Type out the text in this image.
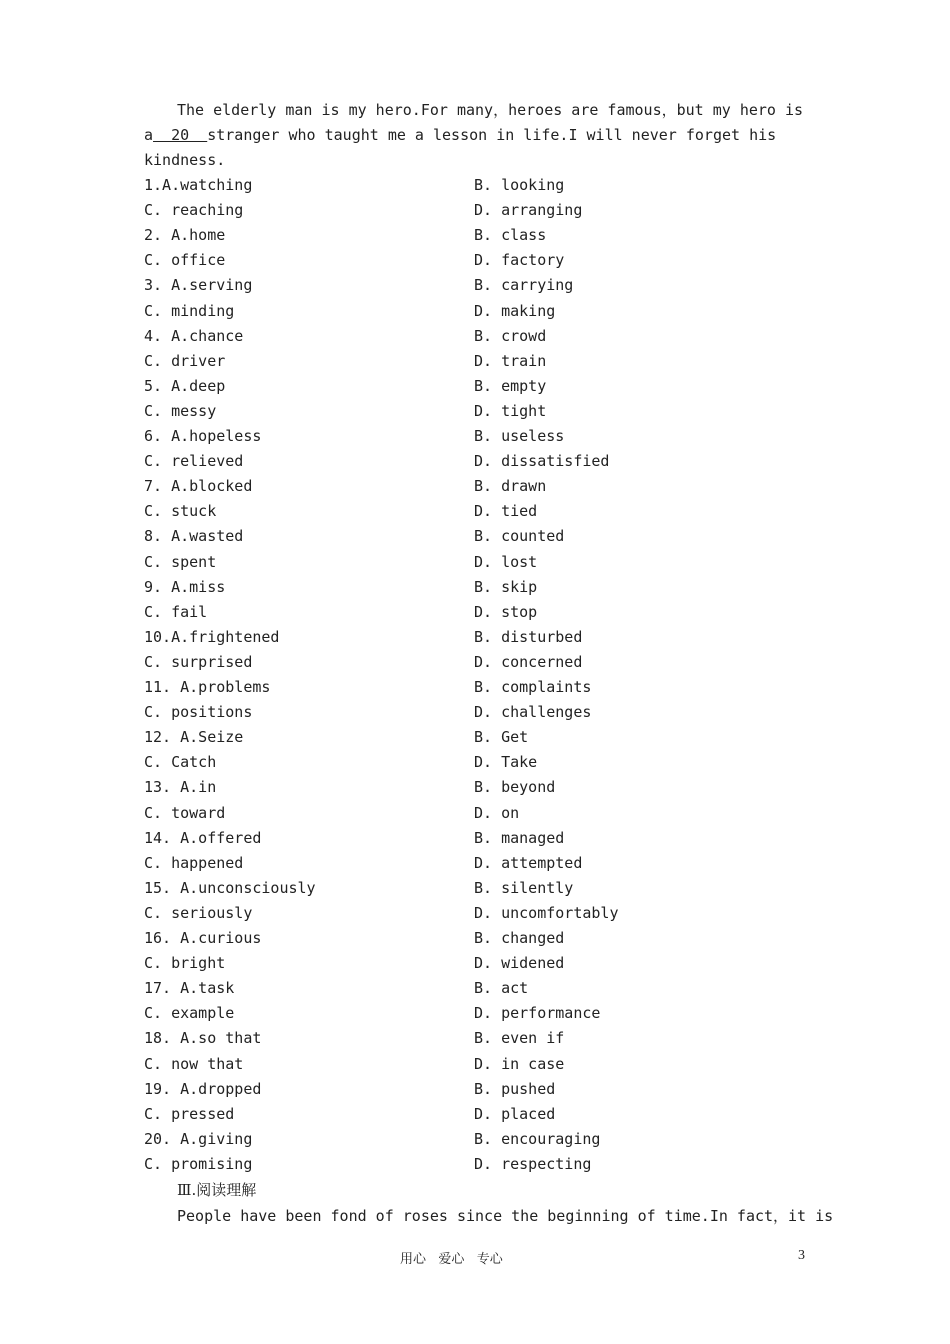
The elderly man is my hero.For many，heroes are famous，but my hero is
a  20  stranger who taught me a lesson in life.I will never forget his
kindness.
1.A.watching	B. looking
C. reaching	D. arranging
2. A.home	B. class
C. office	D. factory
3. A.serving	B. carrying
C. minding	D. making
4. A.chance	B. crowd
C. driver	D. train
5. A.deep	B. empty
C. messy	D. tight
6. A.hopeless	B. useless
C. relieved	D. dissatisfied
7. A.blocked	B. drawn
C. stuck	D. tied
8. A.wasted	B. counted
C. spent	D. lost
9. A.miss	B. skip
C. fail	D. stop
10.A.frightened	B. disturbed
C. surprised	D. concerned
11. A.problems	B. complaints
C. positions	D. challenges
12. A.Seize	B. Get
C. Catch	D. Take
13. A.in	B. beyond
C. toward	D. on
14. A.offered	B. managed
C. happened	D. attempted
15. A.unconsciously	B. silently
C. seriously	D. uncomfortably
16. A.curious	B. changed
C. bright	D. widened
17. A.task	B. act
C. example	D. performance
18. A.so that	B. even if
C. now that	D. in case
19. A.dropped	B. pushed
C. pressed	D. placed
20. A.giving	B. encouraging
C. promising	D. respecting
Ⅲ.阅读理解
People have been fond of roses since the beginning of time.In fact，it is
用心   爱心   专心	3
